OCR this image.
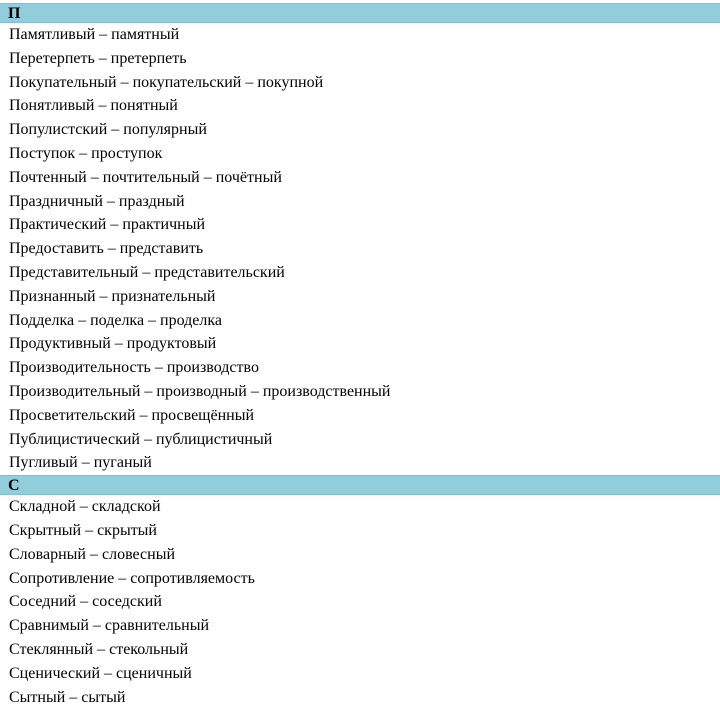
П
Памятливый – памятный
Перетерпеть – претерпеть
Покупательный – покупательский – покупной
Понятливый – понятный
Популистский – популярный
Поступок – проступок
Почтенный – почтительный – почётный
Праздничный – праздный
Практический – практичный
Предоставить – представить
Представительный – представительский
Признанный – признательный
Подделка – поделка – проделка
Продуктивный – продуктовый
Производительность – производство
Производительный – производный – производственный
Просветительский – просвещённый
Публицистический – публицистичный
Пугливый – пуганый
С
Складной – складской
Скрытный – скрытый
Словарный – словесный
Сопротивление – сопротивляемость
Соседний – соседский
Сравнимый – сравнительный
Стеклянный – стекольный
Сценический – сценичный
Сытный – сытый
